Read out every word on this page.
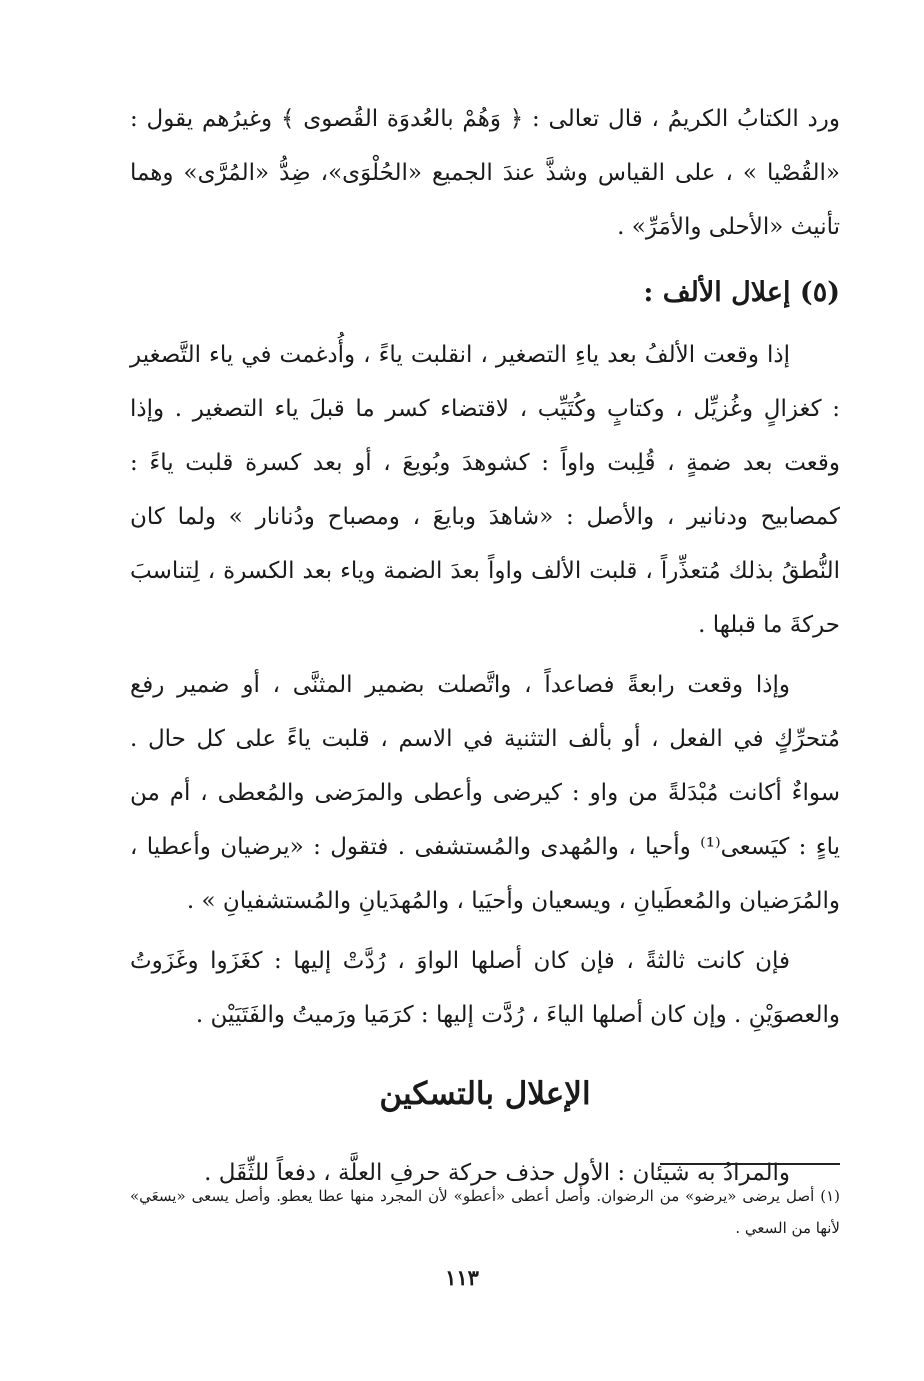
ورد الكتابُ الكريمُ ، قال تعالى : ﴿ وَهُمْ بالعُدوَة القُصوى ﴾ وغيرُهم يقول : «القُصْيا » ، على القياس وشذَّ عندَ الجميع «الحُلْوَى»، ضِدُّ «المُرَّى» وهما تأنيث «الأحلى والأمَرِّ» .

(٥) إعلال الألف :

إذا وقعت الألفُ بعد ياءِ التصغير ، انقلبت ياءً ، وأُدغمت في ياء التَّصغير : كغزالٍ وغُزيِّل ، وكتابٍ وكُتَيِّب ، لاقتضاء كسر ما قبلَ ياء التصغير . وإذا وقعت بعد ضمةٍ ، قُلِبت واواً : كشوهدَ وبُويعَ ، أو بعد كسرة قلبت ياءً : كمصابيح ودنانير ، والأصل : «شاهدَ وبايعَ ، ومصباح ودُنانار » ولما كان النُّطقُ بذلك مُتعذِّراً ، قلبت الألف واواً بعدَ الضمة وياء بعد الكسرة ، لِتناسبَ حركةَ ما قبلها .

وإذا وقعت رابعةً فصاعداً ، واتَّصلت بضمير المثنَّى ، أو ضمير رفع مُتحرِّكٍ في الفعل ، أو بألف التثنية في الاسم ، قلبت ياءً على كل حال . سواءٌ أكانت مُبْدَلةً من واو : كيرضى وأعطى والمرَضى والمُعطى ، أم من ياءٍ : كيَسعى⁽¹⁾ وأحيا ، والمُهدى والمُستشفى . فتقول : «يرضيان وأعطيا ، والمُرَضيان والمُعطَيانِ ، ويسعيان وأحيَيا ، والمُهدَيانِ والمُستشفيانِ » .

فإن كانت ثالثةً ، فإن كان أصلها الواوَ ، رُدَّتْ إليها : كغَزَوا وغَزَوتُ والعصوَيْنِ . وإن كان أصلها الياءَ ، رُدَّت إليها : كرَمَيا ورَميتُ والفَتَيَيْن .

الإعلال بالتسكين

والمرادُ به شيئان : الأول حذف حركة حرفِ العلَّة ، دفعاً للثِّقَل .

(١) أصل يرضى «يرضو» من الرضوان. وأصل أعطى «أعطو» لأن المجرد منها عطا يعطو. وأصل يسعى «يسعَي» لأنها من السعي .

١١٣
